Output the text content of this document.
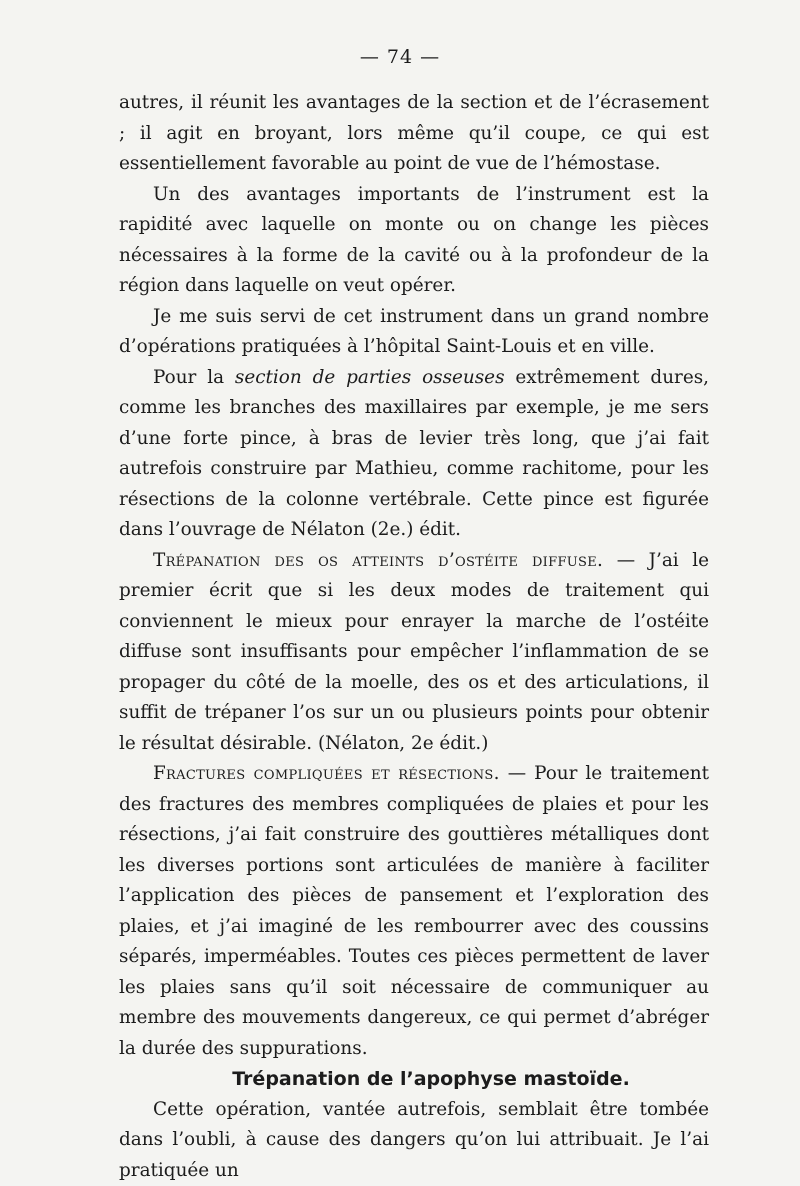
— 74 —

autres, il réunit les avantages de la section et de l’écrasement ; il agit en broyant, lors même qu’il coupe, ce qui est essentiellement favorable au point de vue de l’hémostase.

Un des avantages importants de l’instrument est la rapidité avec laquelle on monte ou on change les pièces nécessaires à la forme de la cavité ou à la profondeur de la région dans laquelle on veut opérer.

Je me suis servi de cet instrument dans un grand nombre d’opérations pratiquées à l’hôpital Saint-Louis et en ville.

Pour la section de parties osseuses extrêmement dures, comme les branches des maxillaires par exemple, je me sers d’une forte pince, à bras de levier très long, que j’ai fait autrefois construire par Mathieu, comme rachitome, pour les résections de la colonne vertébrale. Cette pince est figurée dans l’ouvrage de Nélaton (2e.) édit.

Trépanation des os atteints d’ostéite diffuse. — J’ai le premier écrit que si les deux modes de traitement qui conviennent le mieux pour enrayer la marche de l’ostéite diffuse sont insuffisants pour empêcher l’inflammation de se propager du côté de la moelle, des os et des articulations, il suffit de trépaner l’os sur un ou plusieurs points pour obtenir le résultat désirable. (Nélaton, 2e édit.)

Fractures compliquées et résections. — Pour le traitement des fractures des membres compliquées de plaies et pour les résections, j’ai fait construire des gouttières métalliques dont les diverses portions sont articulées de manière à faciliter l’application des pièces de pansement et l’exploration des plaies, et j’ai imaginé de les rembourrer avec des coussins séparés, imperméables. Toutes ces pièces permettent de laver les plaies sans qu’il soit nécessaire de communiquer au membre des mouvements dangereux, ce qui permet d’abréger la durée des suppurations.

Trépanation de l’apophyse mastoïde.

Cette opération, vantée autrefois, semblait être tombée dans l’oubli, à cause des dangers qu’on lui attribuait. Je l’ai pratiquée un
